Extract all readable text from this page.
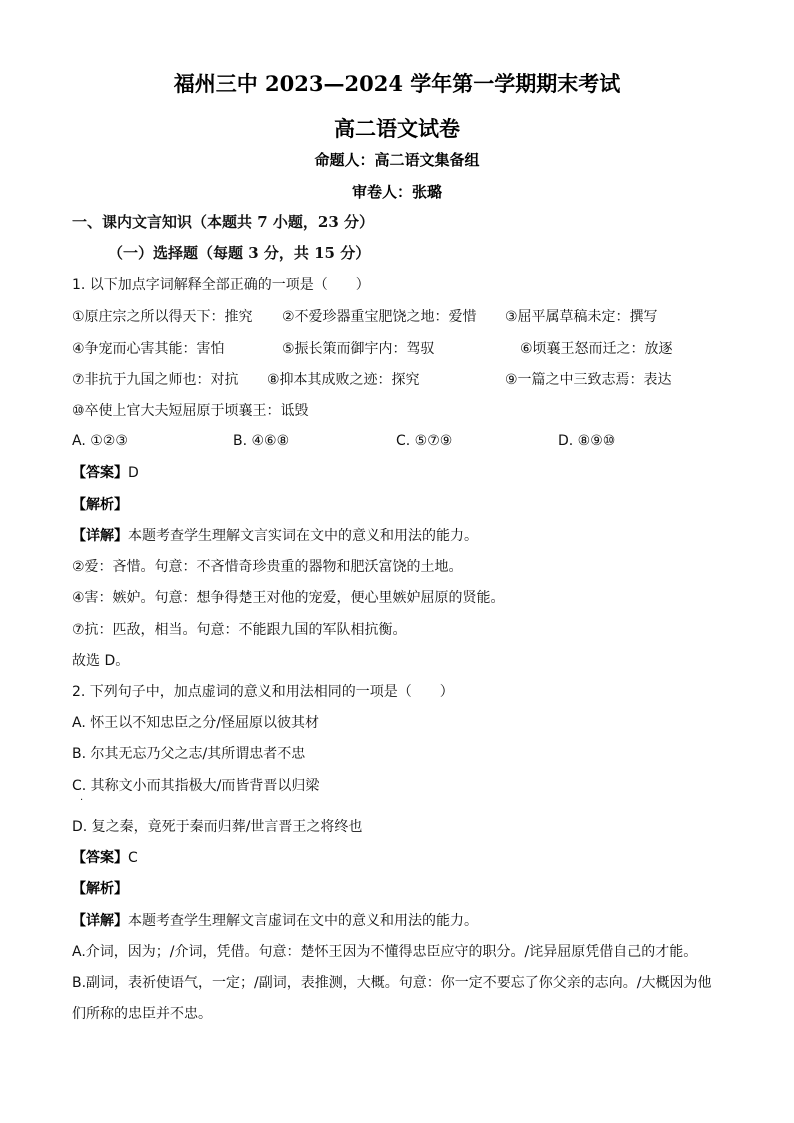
福州三中 2023—2024 学年第一学期期末考试
高二语文试卷
命题人：高二语文集备组
审卷人：张璐
一、课内文言知识（本题共 7 小题，23 分）
（一）选择题（每题 3 分，共 15 分）
1. 以下加点字词解释全部正确的一项是（　　）
①原庄宗之所以得天下：推究 ②不爱珍器重宝肥饶之地：爱惜 ③屈平属草稿未定：撰写
④争宠而心害其能：害怕	⑤振长策而御宇内：驾驭	⑥顷襄王怒而迁之：放逐
⑦非抗于九国之师也：对抗 ⑧抑本其成败之迹：探究	⑨一篇之中三致志焉：表达
⑩卒使上官大夫短屈原于顷襄王：诋毁
A. ①②③	B. ④⑥⑧	C. ⑤⑦⑨	D. ⑧⑨⑩
【答案】D
【解析】
【详解】本题考查学生理解文言实词在文中的意义和用法的能力。
②爱：吝惜。句意：不吝惜奇珍贵重的器物和肥沃富饶的土地。
④害：嫉妒。句意：想争得楚王对他的宠爱，便心里嫉妒屈原的贤能。
⑦抗：匹敌，相当。句意：不能跟九国的军队相抗衡。
故选 D。
2. 下列句子中，加点虚词的意义和用法相同的一项是（　　）
A. 怀王以不知忠臣之分/怪屈原以彼其材
B. 尔其无忘乃父之志/其所谓忠者不忠
C. 其称文小而其指极大/而皆背晋以归梁
·
D. 复之秦，竟死于秦而归葬/世言晋王之将终也
【答案】C
【解析】
【详解】本题考查学生理解文言虚词在文中的意义和用法的能力。
A.介词，因为；/介词，凭借。句意：楚怀王因为不懂得忠臣应守的职分。/诧异屈原凭借自己的才能。
B.副词，表祈使语气，一定；/副词，表推测，大概。句意：你一定不要忘了你父亲的志向。/大概因为他
们所称的忠臣并不忠。
